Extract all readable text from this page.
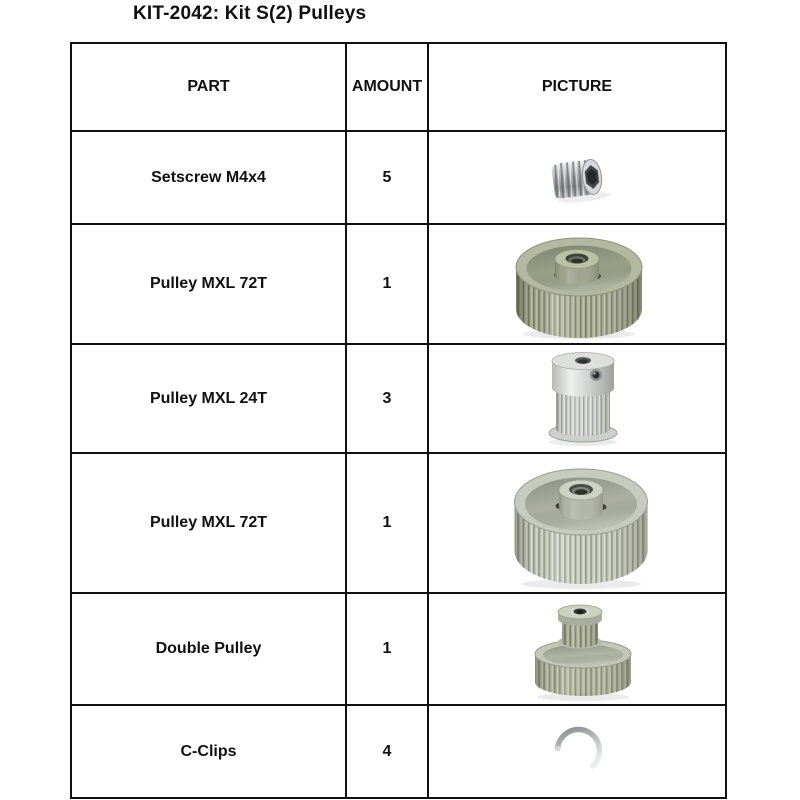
KIT-2042: Kit S(2) Pulleys
PART	AMOUNT	PICTURE
Setscrew M4x4	5
Pulley MXL 72T	1
Pulley MXL 24T	3
Pulley MXL 72T	1
Double Pulley	1
C-Clips	4
